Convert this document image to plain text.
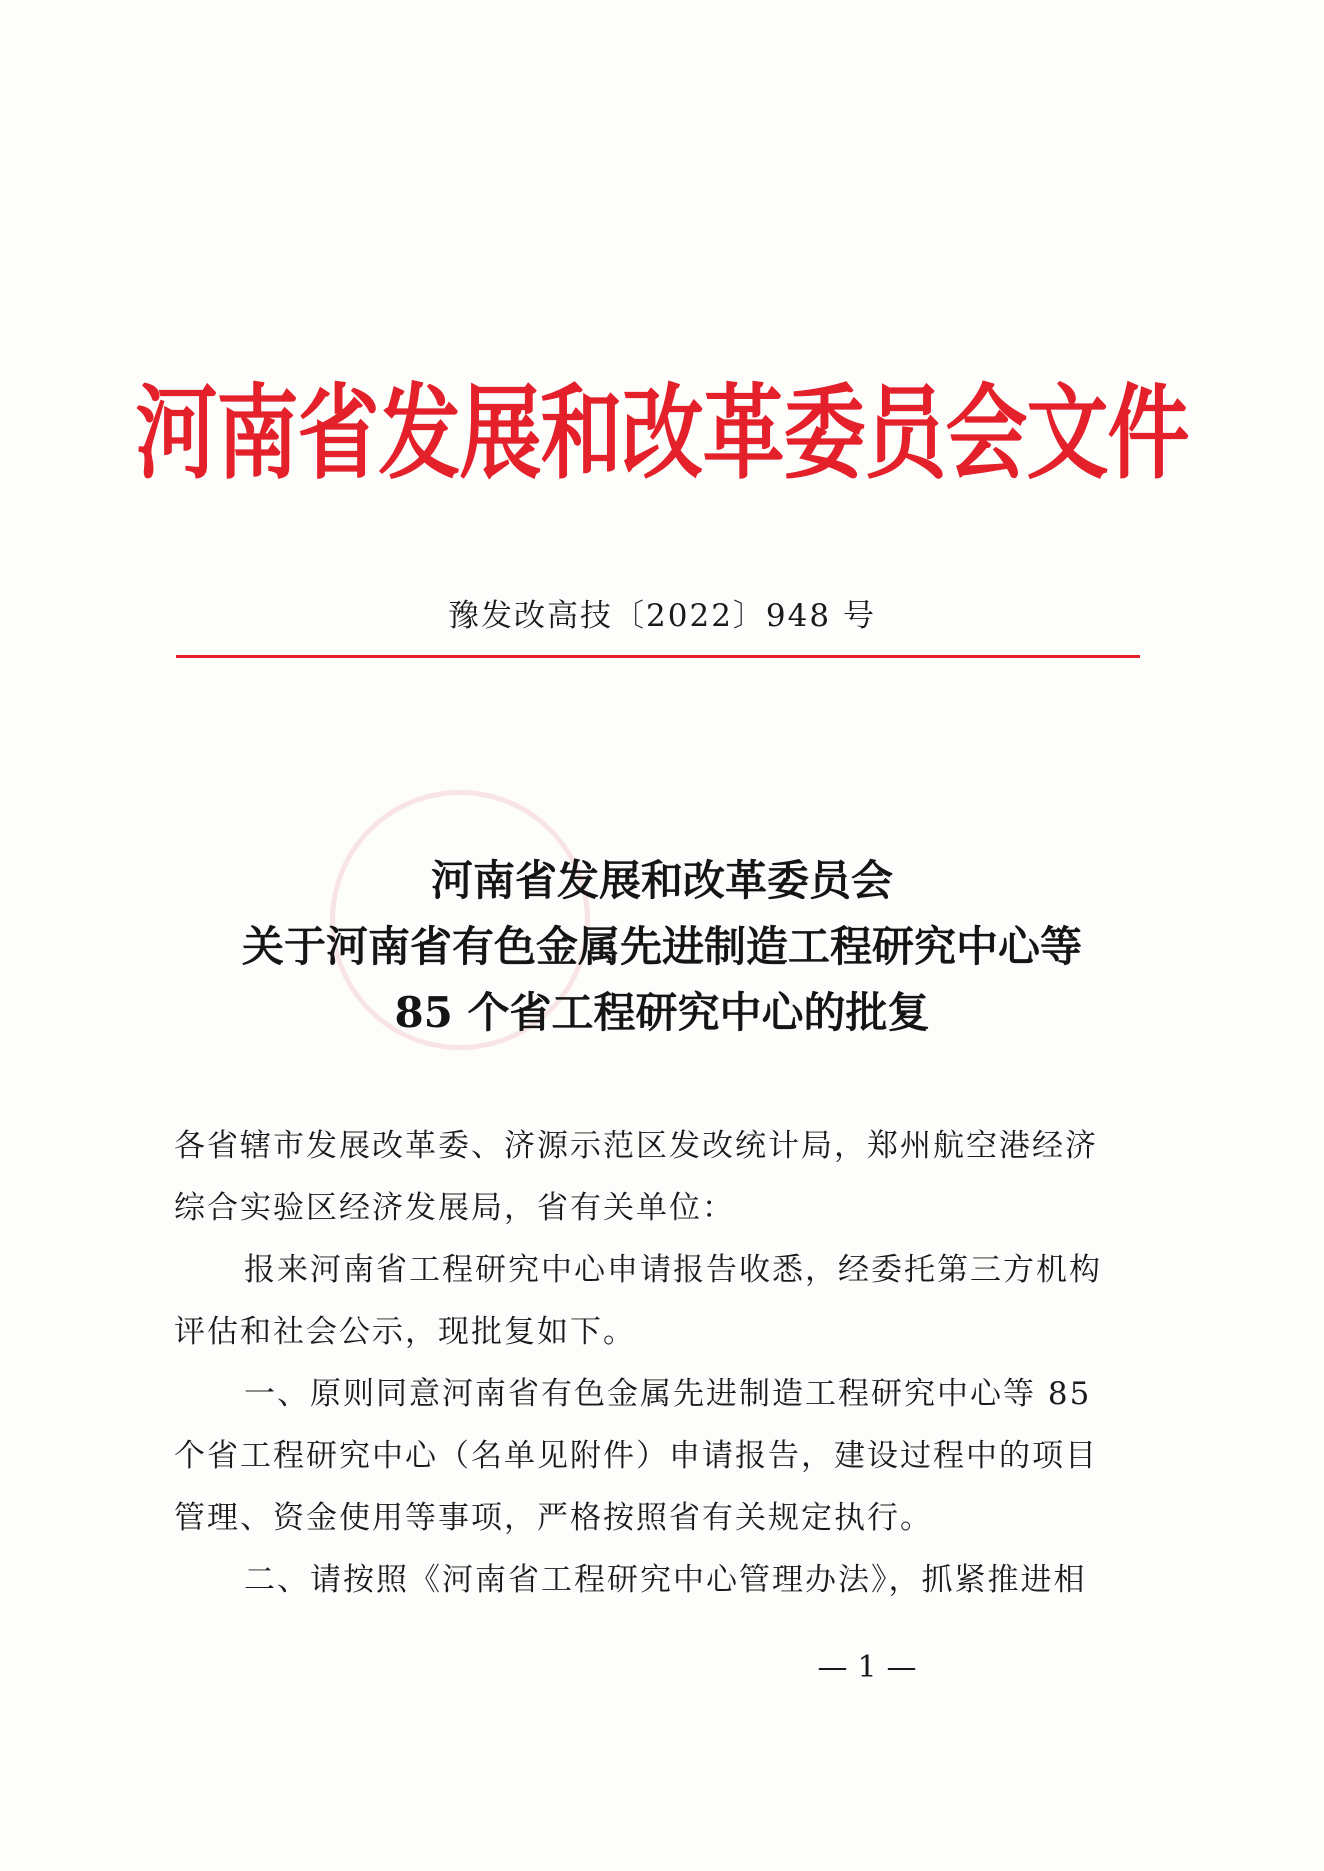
河南省发展和改革委员会文件
豫发改高技〔2022〕948 号
河南省发展和改革委员会
关于河南省有色金属先进制造工程研究中心等
85 个省工程研究中心的批复

各省辖市发展改革委、济源示范区发改统计局，郑州航空港经济

综合实验区经济发展局，省有关单位：

报来河南省工程研究中心申请报告收悉，经委托第三方机构

评估和社会公示，现批复如下。

一、原则同意河南省有色金属先进制造工程研究中心等 85

个省工程研究中心（名单见附件）申请报告，建设过程中的项目

管理、资金使用等事项，严格按照省有关规定执行。

二、请按照《河南省工程研究中心管理办法》，抓紧推进相

— 1 —
